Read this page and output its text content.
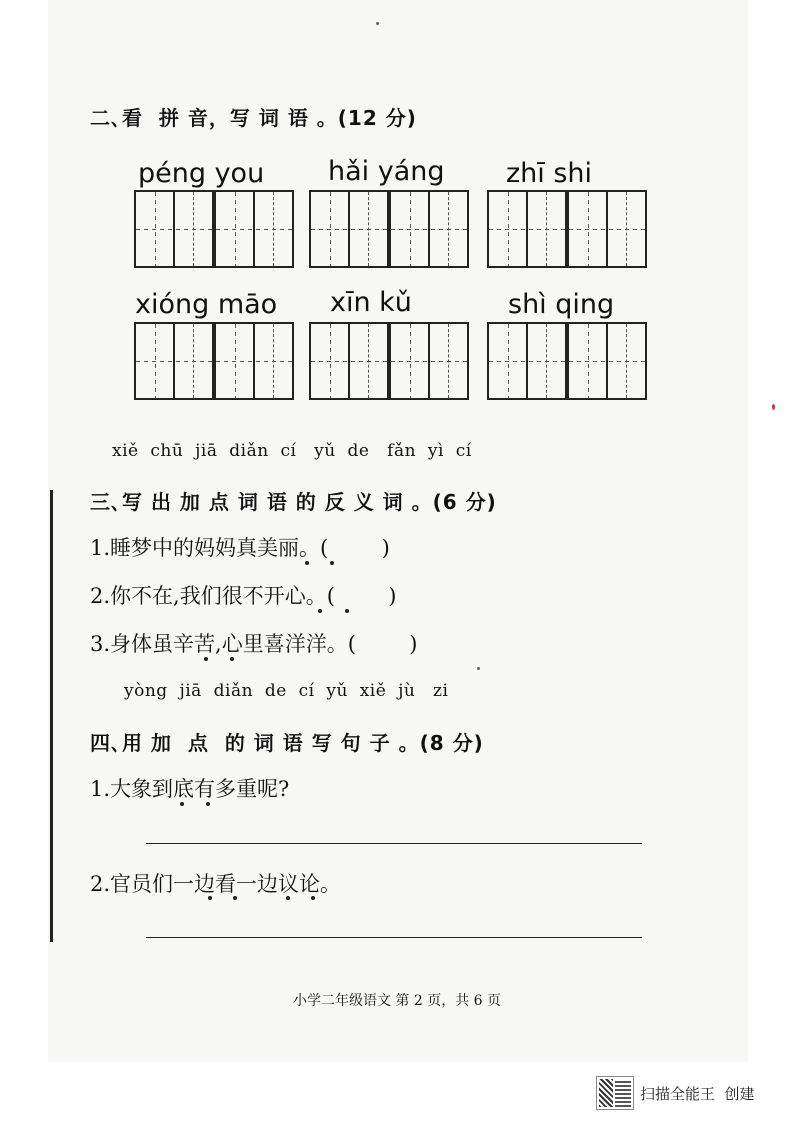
二､看  拼 音，写 词 语 。(12 分)
péng you hǎi yáng zhī shi
xióng māo xīn kǔ	shì qing
xiě  chū  jiā  diǎn  cí   yǔ  de   fǎn  yì  cí
三､写 出 加 点 词 语 的 反 义 词 。(6 分)
1.睡梦中的妈妈真美丽。(        )
2.你不在,我们很不开心。(        )
3.身体虽辛苦,心里喜洋洋。(        )
yòng  jiā  diǎn  de  cí  yǔ  xiě  jù   zi
四､用 加  点  的 词 语 写 句 子 。(8 分)
1.大象到底有多重呢?
2.官员们一边看一边议论。
小学二年级语文 第 2 页，共 6 页
扫描全能王  创建
